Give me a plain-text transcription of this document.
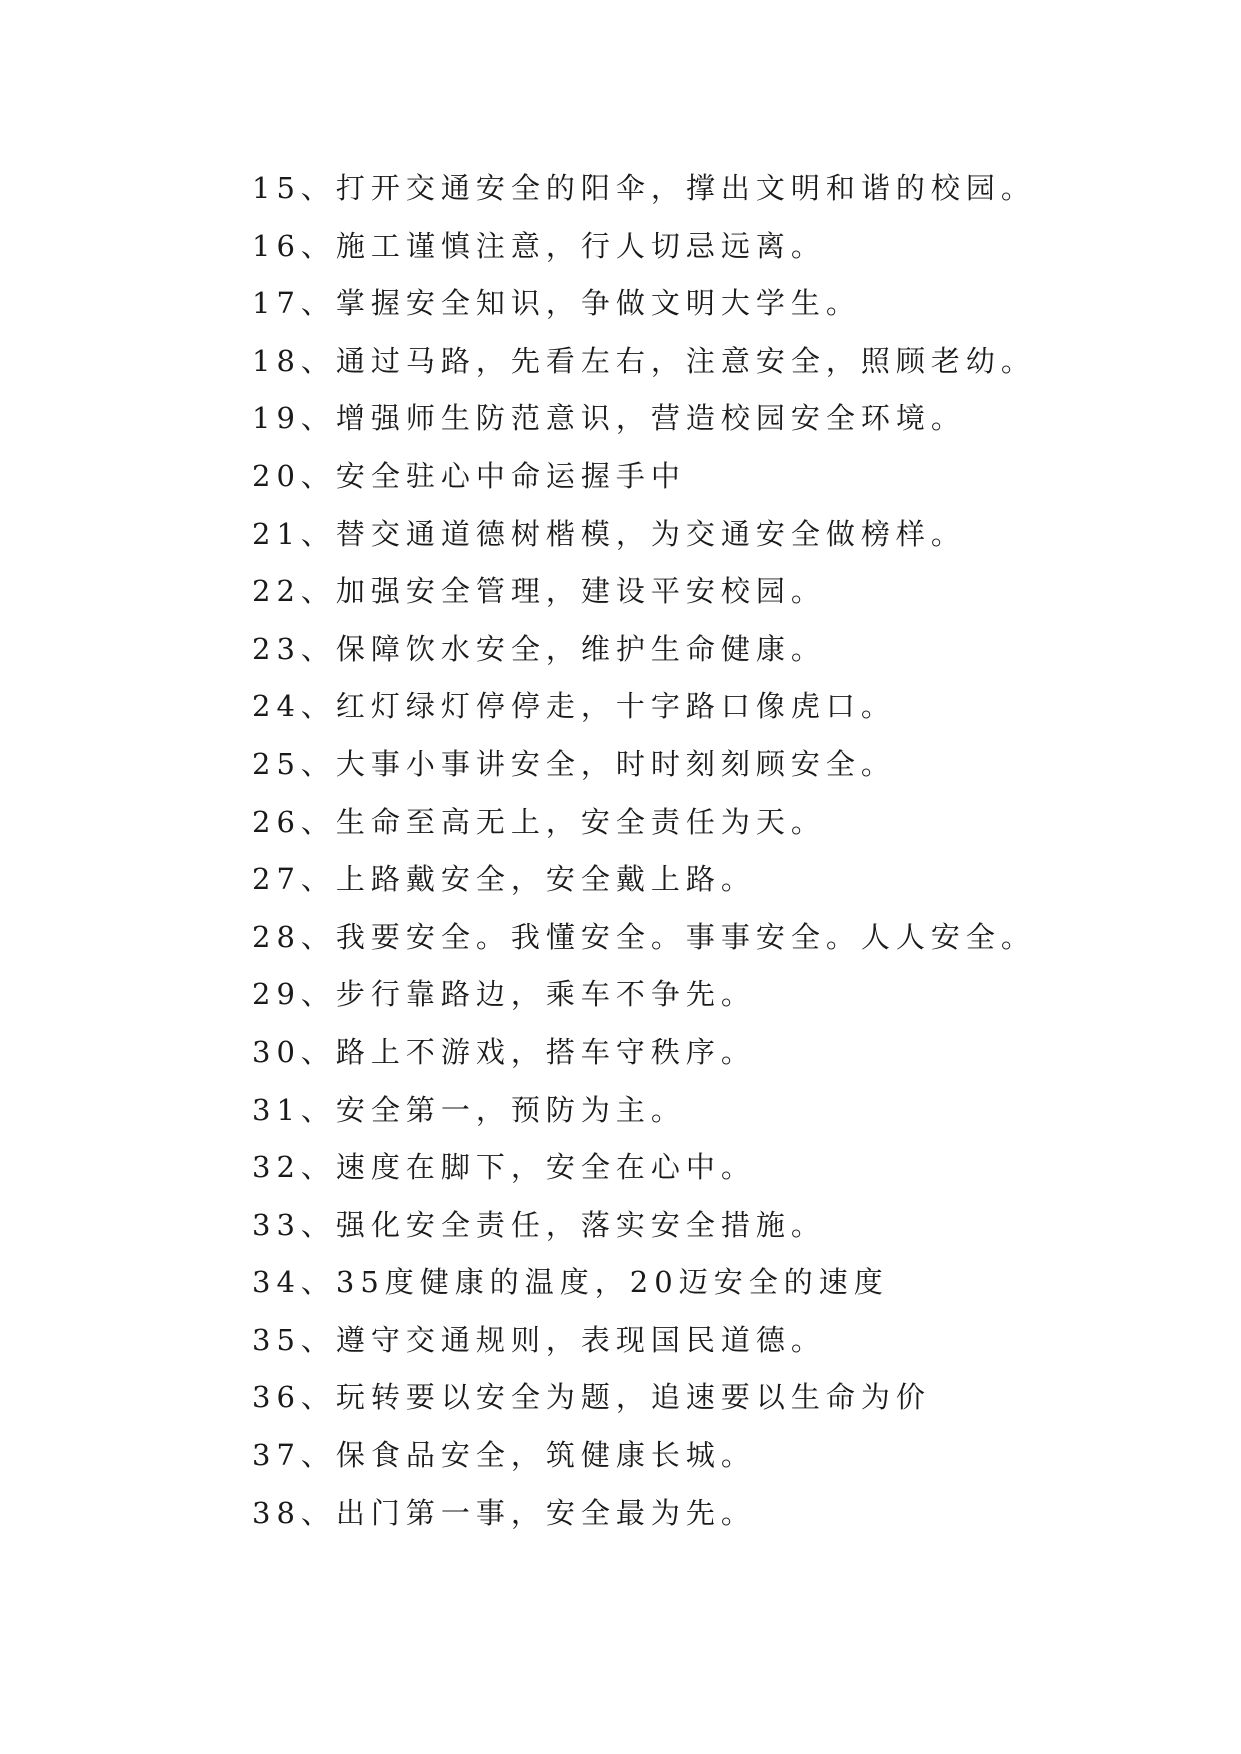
15、打开交通安全的阳伞，撑出文明和谐的校园。
16、施工谨慎注意，行人切忌远离。
17、掌握安全知识，争做文明大学生。
18、通过马路，先看左右，注意安全，照顾老幼。
19、增强师生防范意识，营造校园安全环境。
20、安全驻心中命运握手中
21、替交通道德树楷模，为交通安全做榜样。
22、加强安全管理，建设平安校园。
23、保障饮水安全，维护生命健康。
24、红灯绿灯停停走，十字路口像虎口。
25、大事小事讲安全，时时刻刻顾安全。
26、生命至高无上，安全责任为天。
27、上路戴安全，安全戴上路。
28、我要安全。我懂安全。事事安全。人人安全。
29、步行靠路边，乘车不争先。
30、路上不游戏，搭车守秩序。
31、安全第一，预防为主。
32、速度在脚下，安全在心中。
33、强化安全责任，落实安全措施。
34、35度健康的温度，20迈安全的速度
35、遵守交通规则，表现国民道德。
36、玩转要以安全为题，追速要以生命为价
37、保食品安全，筑健康长城。
38、出门第一事，安全最为先。
